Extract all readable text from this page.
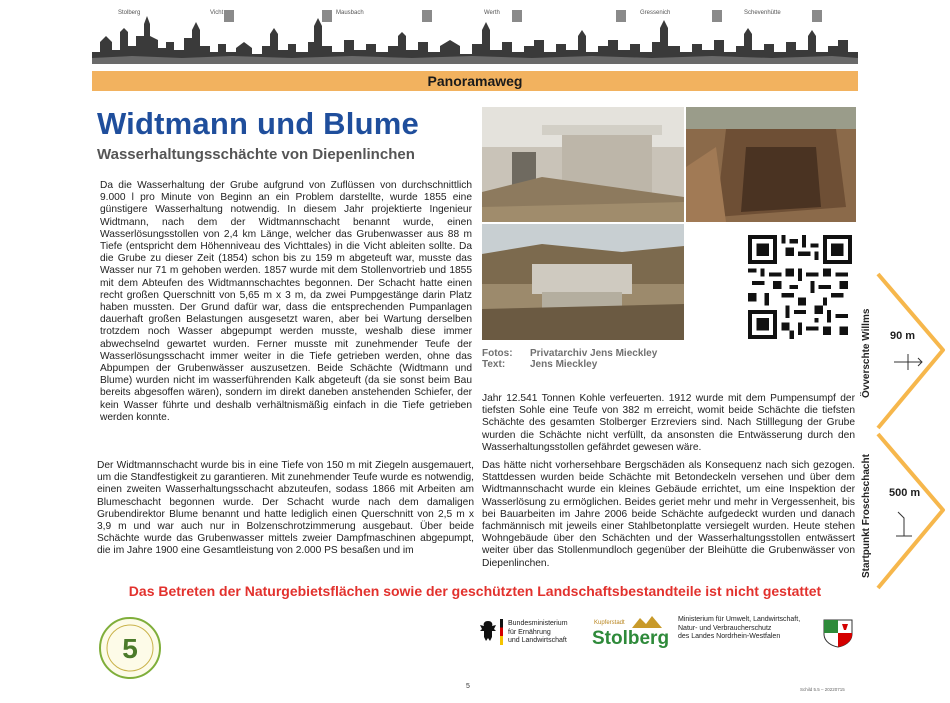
Stolberg	Vicht	Mausbach	Werth	Gressenich	Schevenhütte
Panoramaweg
Widtmann und Blume
Wasserhaltungsschächte von Diepenlinchen

Da die Wasserhaltung der Grube aufgrund von Zuflüssen von durchschnittlich 9.000 l pro Minute von Beginn an ein Problem darstellte, wurde 1855 eine günstigere Wasserhaltung notwendig. In diesem Jahr projektierte Ingenieur Widtmann, nach dem der Widtmannschacht benannt wurde, einen Wasserlösungsstollen von 2,4 km Länge, welcher das Grubenwasser aus 88 m Tiefe (entspricht dem Höhenniveau des Vichttales) in die Vicht ableiten sollte. Da die Grube zu dieser Zeit (1854) schon bis zu 159 m abgeteuft war, musste das Wasser nur 71 m gehoben werden. 1857 wurde mit dem Stollenvortrieb und 1855 mit dem Abteufen des Widtmannschachtes begonnen. Der Schacht hatte einen recht großen Querschnitt von 5,65 m x 3 m, da zwei Pumpgestänge darin Platz haben mussten. Der Grund dafür war, dass die entsprechenden Pumpanlagen dauerhaft großen Belastungen ausgesetzt waren, aber bei Wartung derselben trotzdem noch Wasser abgepumpt werden musste, weshalb diese immer abwechselnd gewartet wurden. Ferner musste mit zunehmender Teufe der Wasserlösungsschacht immer weiter in die Tiefe getrieben werden, ohne das Abpumpen der Grubenwässer auszusetzen. Beide Schächte (Widtmann und Blume) wurden nicht im wasserführenden Kalk abgeteuft (da sie sonst beim Bau bereits abgesoffen wären), sondern im direkt daneben anstehenden Schiefer, der kein Wasser führte und deshalb verhältnismäßig einfach in die Tiefe getrieben werden konnte.

Der Widtmannschacht wurde bis in eine Tiefe von 150 m mit Ziegeln ausgemauert, um die Standfestigkeit zu garantieren. Mit zunehmender Teufe wurde es notwendig, einen zweiten Wasserhaltungsschacht abzuteufen, sodass 1866 mit Arbeiten am Blumeschacht begonnen wurde. Der Schacht wurde nach dem damaligen Grubendirektor Blume benannt und hatte lediglich einen Querschnitt von 2,5 m x 3,9 m und war auch nur in Bolzenschrotzimmerung ausgebaut. Über beide Schächte wurde das Grubenwasser mittels zweier Dampfmaschinen abgepumpt, die im Jahre 1900 eine Gesamtleistung von 2.000 PS besaßen und im

Fotos:	Privatarchiv Jens Mieckley
Text:	Jens Mieckley

Jahr 12.541 Tonnen Kohle verfeuerten. 1912 wurde mit dem Pumpensumpf der tiefsten Sohle eine Teufe von 382 m erreicht, womit beide Schächte die tiefsten Schächte des gesamten Stolberger Erzreviers sind. Nach Stilllegung der Grube wurden die Schächte nicht verfüllt, da ansonsten die Entwässerung durch den Wasserhaltungsstollen gefährdet gewesen wäre.

Das hätte nicht vorhersehbare Bergschäden als Konsequenz nach sich gezogen. Stattdessen wurden beide Schächte mit Betondeckeln versehen und über dem Widtmannschacht wurde ein kleines Gebäude errichtet, um eine Inspektion der Wasserlösung zu ermöglichen. Beides geriet mehr und mehr in Vergessenheit, bis bei Bauarbeiten im Jahre 2006 beide Schächte aufgedeckt wurden und danach fachmännisch mit jeweils einer Stahlbetonplatte versiegelt wurden. Heute stehen Wohngebäude über den Schächten und der Wasserhaltungsstollen entwässert weiter über das Stollenmundloch gegenüber der Bleihütte die Grubenwässer von Diepenlinchen.

90 m
Övverschte Willms
500 m
Startpunkt Froschschacht
Das Betreten der Naturgebietsflächen sowie der geschützten Landschaftsbestandteile ist nicht gestattet
5
Bundesministerium
für Ernährung
und Landwirtschaft
Kupferstadt
Stolberg
Ministerium für Umwelt, Landwirtschaft,
Natur- und Verbraucherschutz
des Landes Nordrhein-Westfalen
5	Schild 5.5 – 20220715
